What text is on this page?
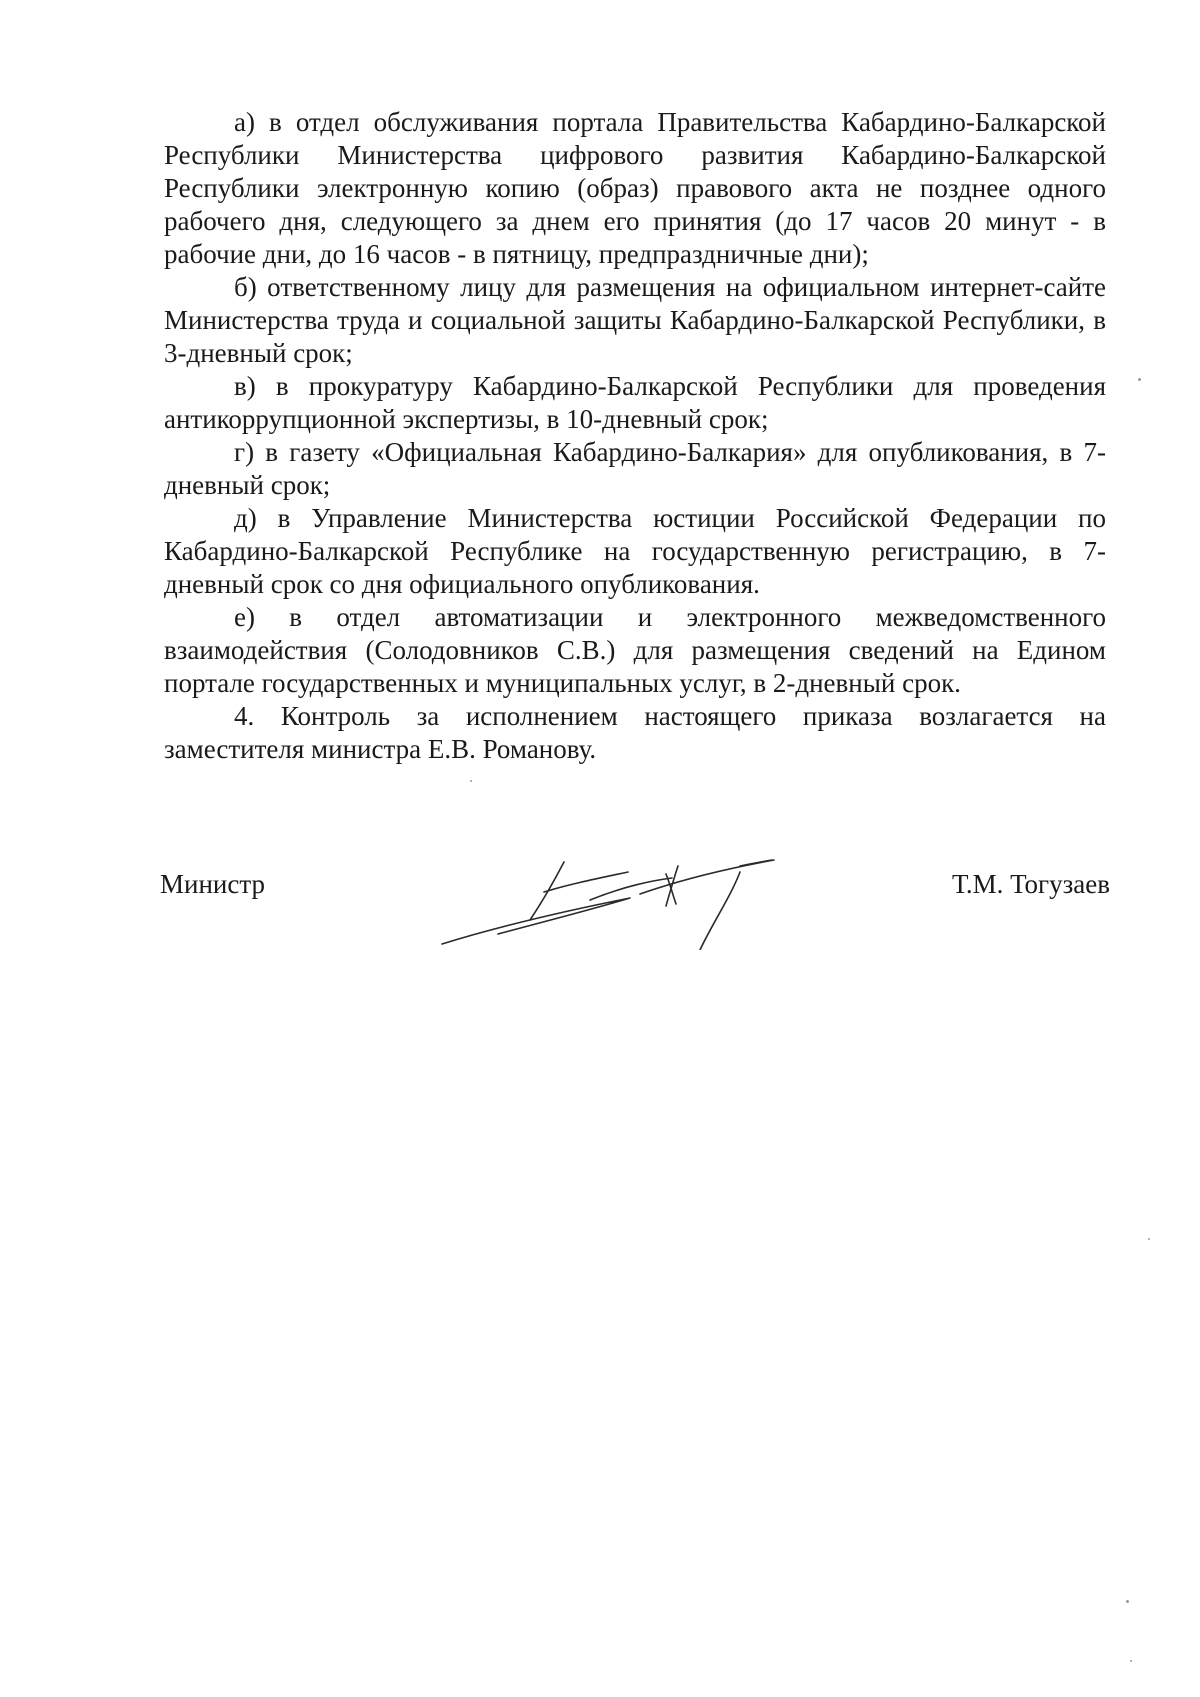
а) в отдел обслуживания портала Правительства Кабардино-Балкарской Республики Министерства цифрового развития Кабардино-Балкарской Республики электронную копию (образ) правового акта не позднее одного рабочего дня, следующего за днем его принятия (до 17 часов 20 минут - в рабочие дни, до 16 часов - в пятницу, предпраздничные дни);

б) ответственному лицу для размещения на официальном интернет-сайте Министерства труда и социальной защиты Кабардино-Балкарской Республики, в 3-дневный срок;

в) в прокуратуру Кабардино-Балкарской Республики для проведения антикоррупционной экспертизы, в 10-дневный срок;

г) в газету «Официальная Кабардино-Балкария» для опубликования, в 7-дневный срок;

д) в Управление Министерства юстиции Российской Федерации по Кабардино-Балкарской Республике на государственную регистрацию, в 7-дневный срок со дня официального опубликования.

е) в отдел автоматизации и электронного межведомственного взаимодействия (Солодовников С.В.) для размещения сведений на Едином портале государственных и муниципальных услуг, в 2-дневный срок.

4. Контроль за исполнением настоящего приказа возлагается на заместителя министра Е.В. Романову.

Министр	Т.М. Тогузаев
